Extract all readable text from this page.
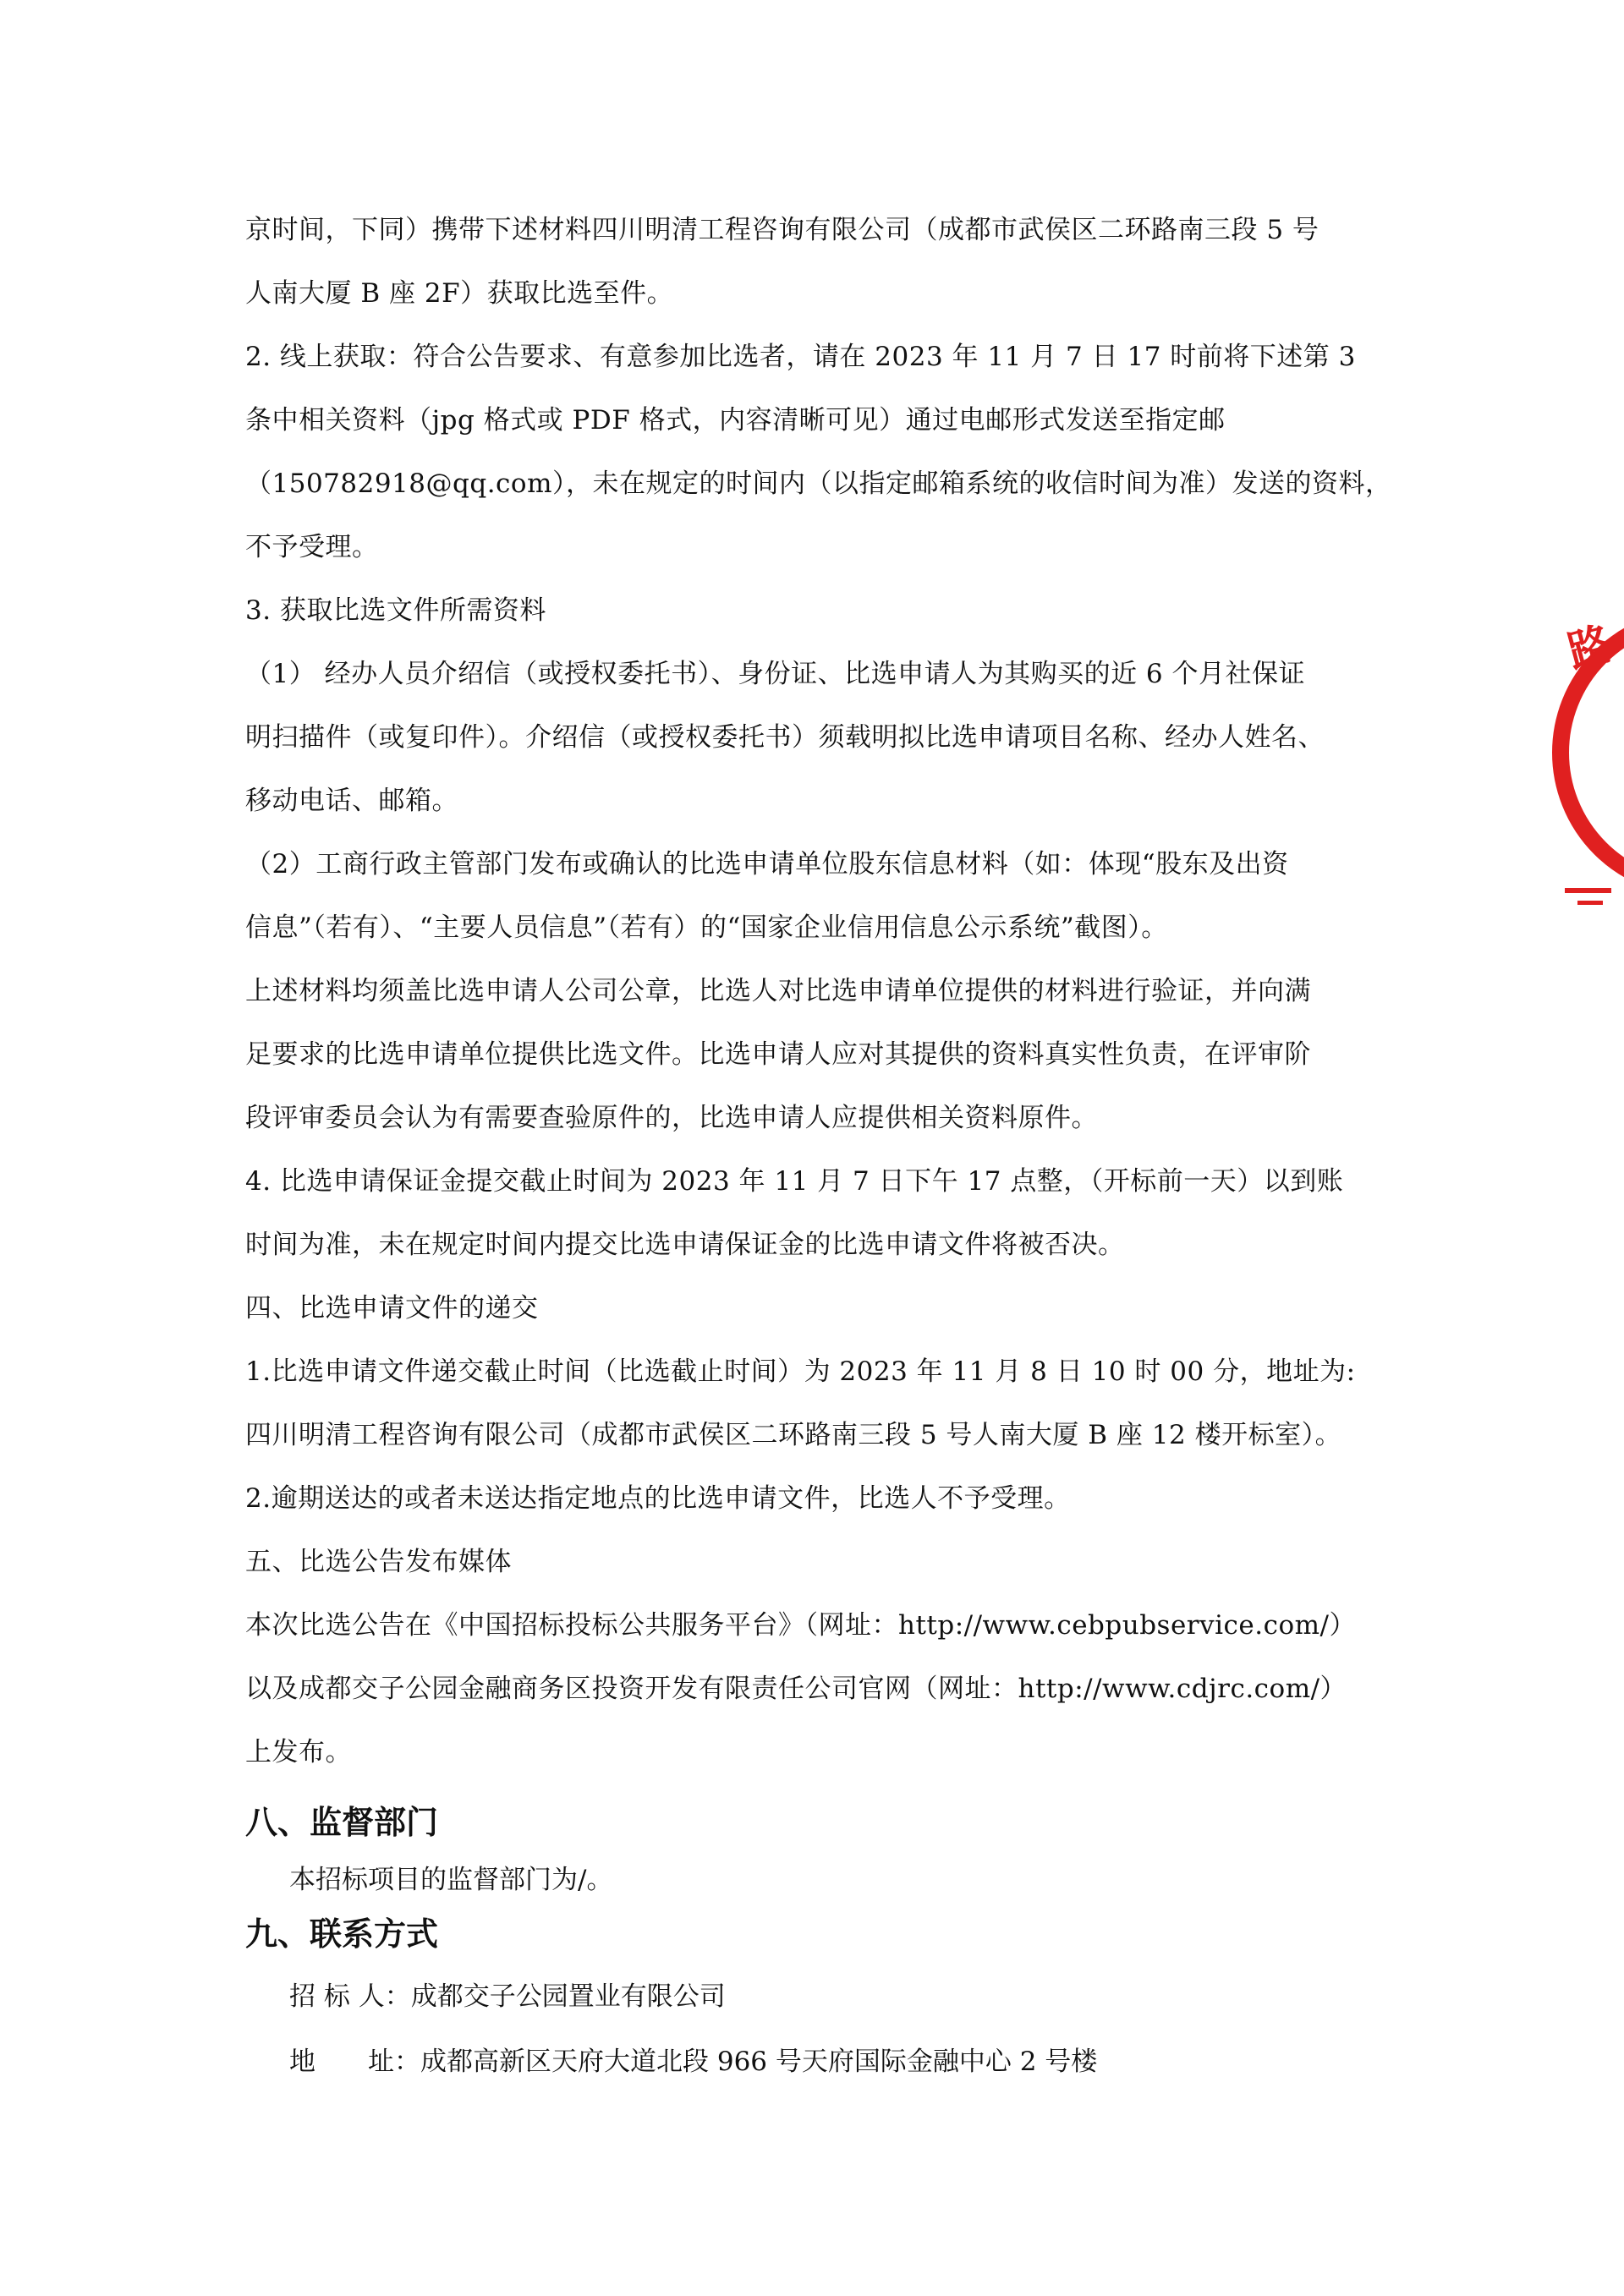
京时间，下同）携带下述材料四川明清工程咨询有限公司（成都市武侯区二环路南三段 5 号
人南大厦 B 座 2F）获取比选至件。
2. 线上获取：符合公告要求、有意参加比选者，请在 2023 年 11 月 7 日 17 时前将下述第 3
条中相关资料（jpg 格式或 PDF 格式，内容清晰可见）通过电邮形式发送至指定邮
（150782918@qq.com），未在规定的时间内（以指定邮箱系统的收信时间为准）发送的资料，
不予受理。
3. 获取比选文件所需资料
（1） 经办人员介绍信（或授权委托书）、身份证、比选申请人为其购买的近 6 个月社保证
明扫描件（或复印件）。介绍信（或授权委托书）须载明拟比选申请项目名称、经办人姓名、
移动电话、邮箱。
（2）工商行政主管部门发布或确认的比选申请单位股东信息材料（如：体现“股东及出资
信息”（若有）、“主要人员信息”（若有）的“国家企业信用信息公示系统”截图）。
上述材料均须盖比选申请人公司公章，比选人对比选申请单位提供的材料进行验证，并向满
足要求的比选申请单位提供比选文件。比选申请人应对其提供的资料真实性负责，在评审阶
段评审委员会认为有需要查验原件的，比选申请人应提供相关资料原件。
4. 比选申请保证金提交截止时间为 2023 年 11 月 7 日下午 17 点整，（开标前一天）以到账
时间为准，未在规定时间内提交比选申请保证金的比选申请文件将被否决。
四、比选申请文件的递交
1.比选申请文件递交截止时间（比选截止时间）为 2023 年 11 月 8 日 10 时 00 分，地址为:
四川明清工程咨询有限公司（成都市武侯区二环路南三段 5 号人南大厦 B 座 12 楼开标室）。
2.逾期送达的或者未送达指定地点的比选申请文件，比选人不予受理。
五、比选公告发布媒体
本次比选公告在《中国招标投标公共服务平台》（网址：http://www.cebpubservice.com/）
以及成都交子公园金融商务区投资开发有限责任公司官网（网址：http://www.cdjrc.com/）
上发布。
八、监督部门
本招标项目的监督部门为/。
九、联系方式
招 标 人：成都交子公园置业有限公司
地　　址：成都高新区天府大道北段 966 号天府国际金融中心 2 号楼
路
